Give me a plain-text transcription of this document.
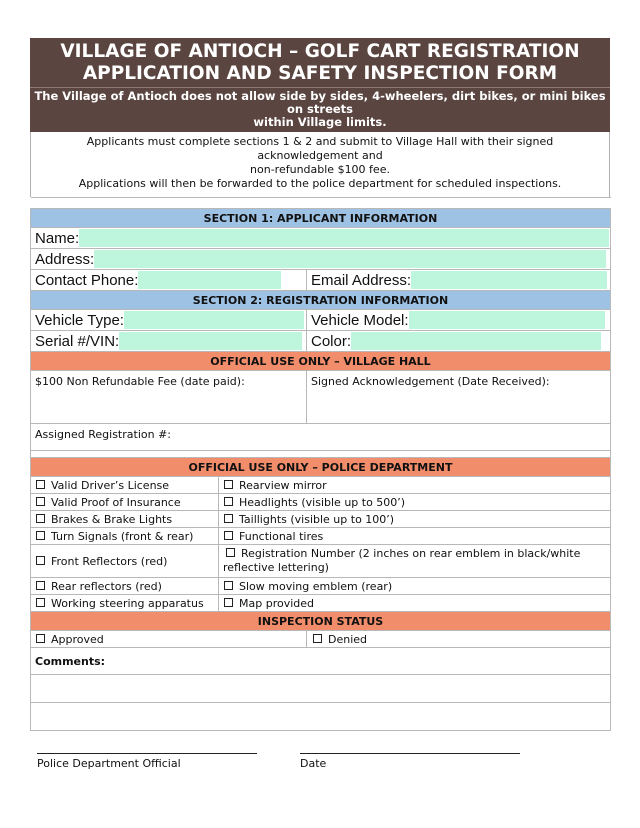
VILLAGE OF ANTIOCH – GOLF CART REGISTRATION
APPLICATION AND SAFETY INSPECTION FORM
The Village of Antioch does not allow side by sides, 4-wheelers, dirt bikes, or mini bikes on streets
within Village limits.
Applicants must complete sections 1 & 2 and submit to Village Hall with their signed acknowledgement and
non-refundable $100 fee.
Applications will then be forwarded to the police department for scheduled inspections.

SECTION 1: APPLICANT INFORMATION		
Name:		
Address:		
Contact Phone:		Email Address:
SECTION 2: REGISTRATION INFORMATION		
Vehicle Type:		Vehicle Model:
Serial #/VIN:		Color:
OFFICIAL USE ONLY – VILLAGE HALL		
$100 Non Refundable Fee (date paid):		Signed Acknowledgement (Date Received):
Assigned Registration #:		

OFFICIAL USE ONLY – POLICE DEPARTMENT		
Valid Driver’s License	Rearview mirror	
Valid Proof of Insurance	Headlights (visible up to 500’)	
Brakes & Brake Lights	Taillights (visible up to 100’)	
Turn Signals (front & rear)	Functional tires	
Front Reflectors (red)	Registration Number (2 inches on rear emblem in black/white reflective lettering)	
Rear reflectors (red)	Slow moving emblem (rear)	
Working steering apparatus	Map provided	
INSPECTION STATUS		
Approved		Denied
Comments:		

Police Department Official	Date
